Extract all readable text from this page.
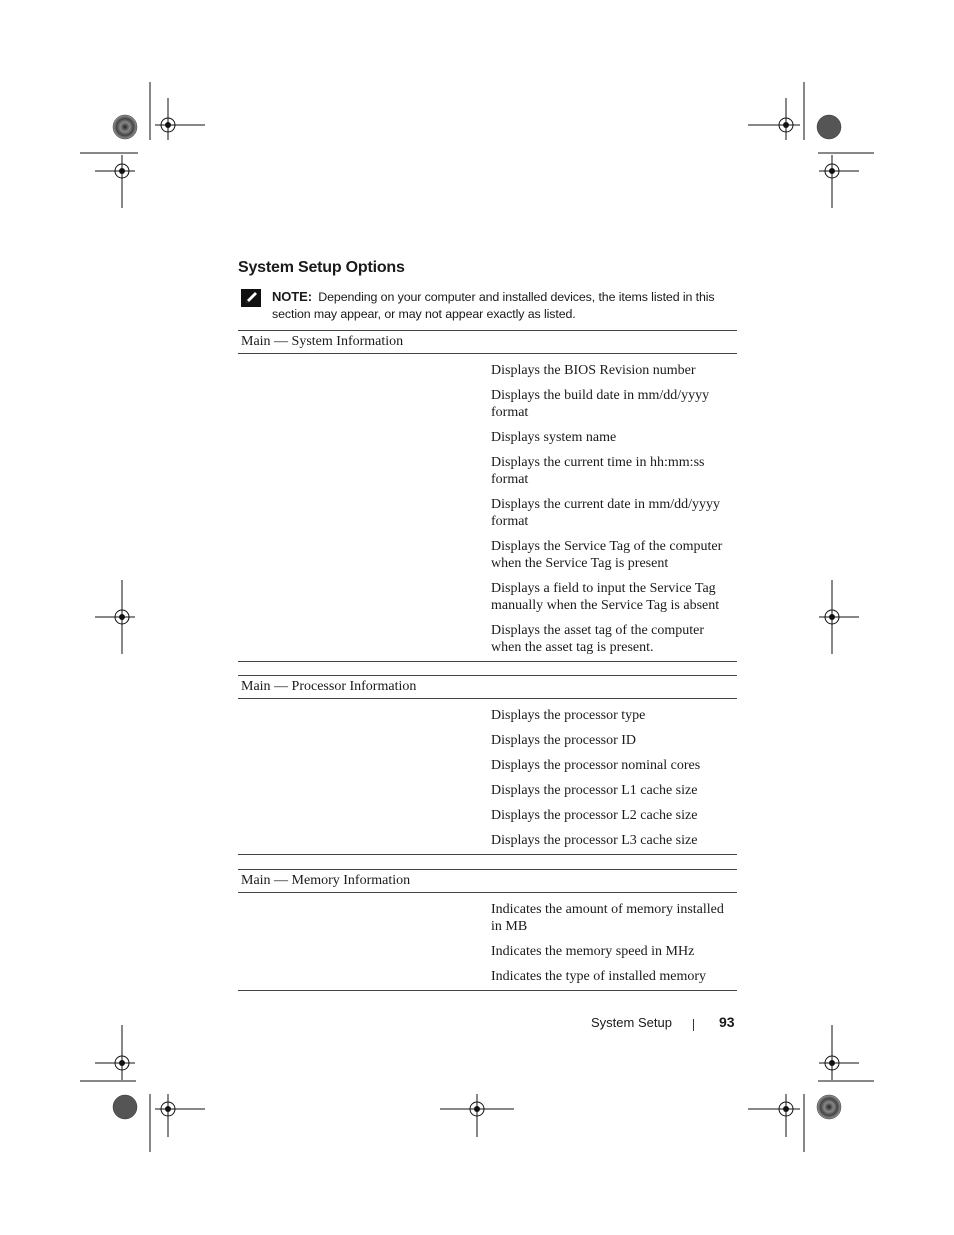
System Setup Options
NOTE: Depending on your computer and installed devices, the items listed in this section may appear, or may not appear exactly as listed.
Main — System Information
Displays the BIOS Revision number
Displays the build date in mm/dd/yyyy format
Displays system name
Displays the current time in hh:mm:ss format
Displays the current date in mm/dd/yyyy format
Displays the Service Tag of the computer when the Service Tag is present
Displays a field to input the Service Tag manually when the Service Tag is absent
Displays the asset tag of the computer when the asset tag is present.
Main — Processor Information
Displays the processor type
Displays the processor ID
Displays the processor nominal cores
Displays the processor L1 cache size
Displays the processor L2 cache size
Displays the processor L3 cache size
Main — Memory Information
Indicates the amount of memory installed in MB
Indicates the memory speed in MHz
Indicates the type of installed memory
System Setup	93
